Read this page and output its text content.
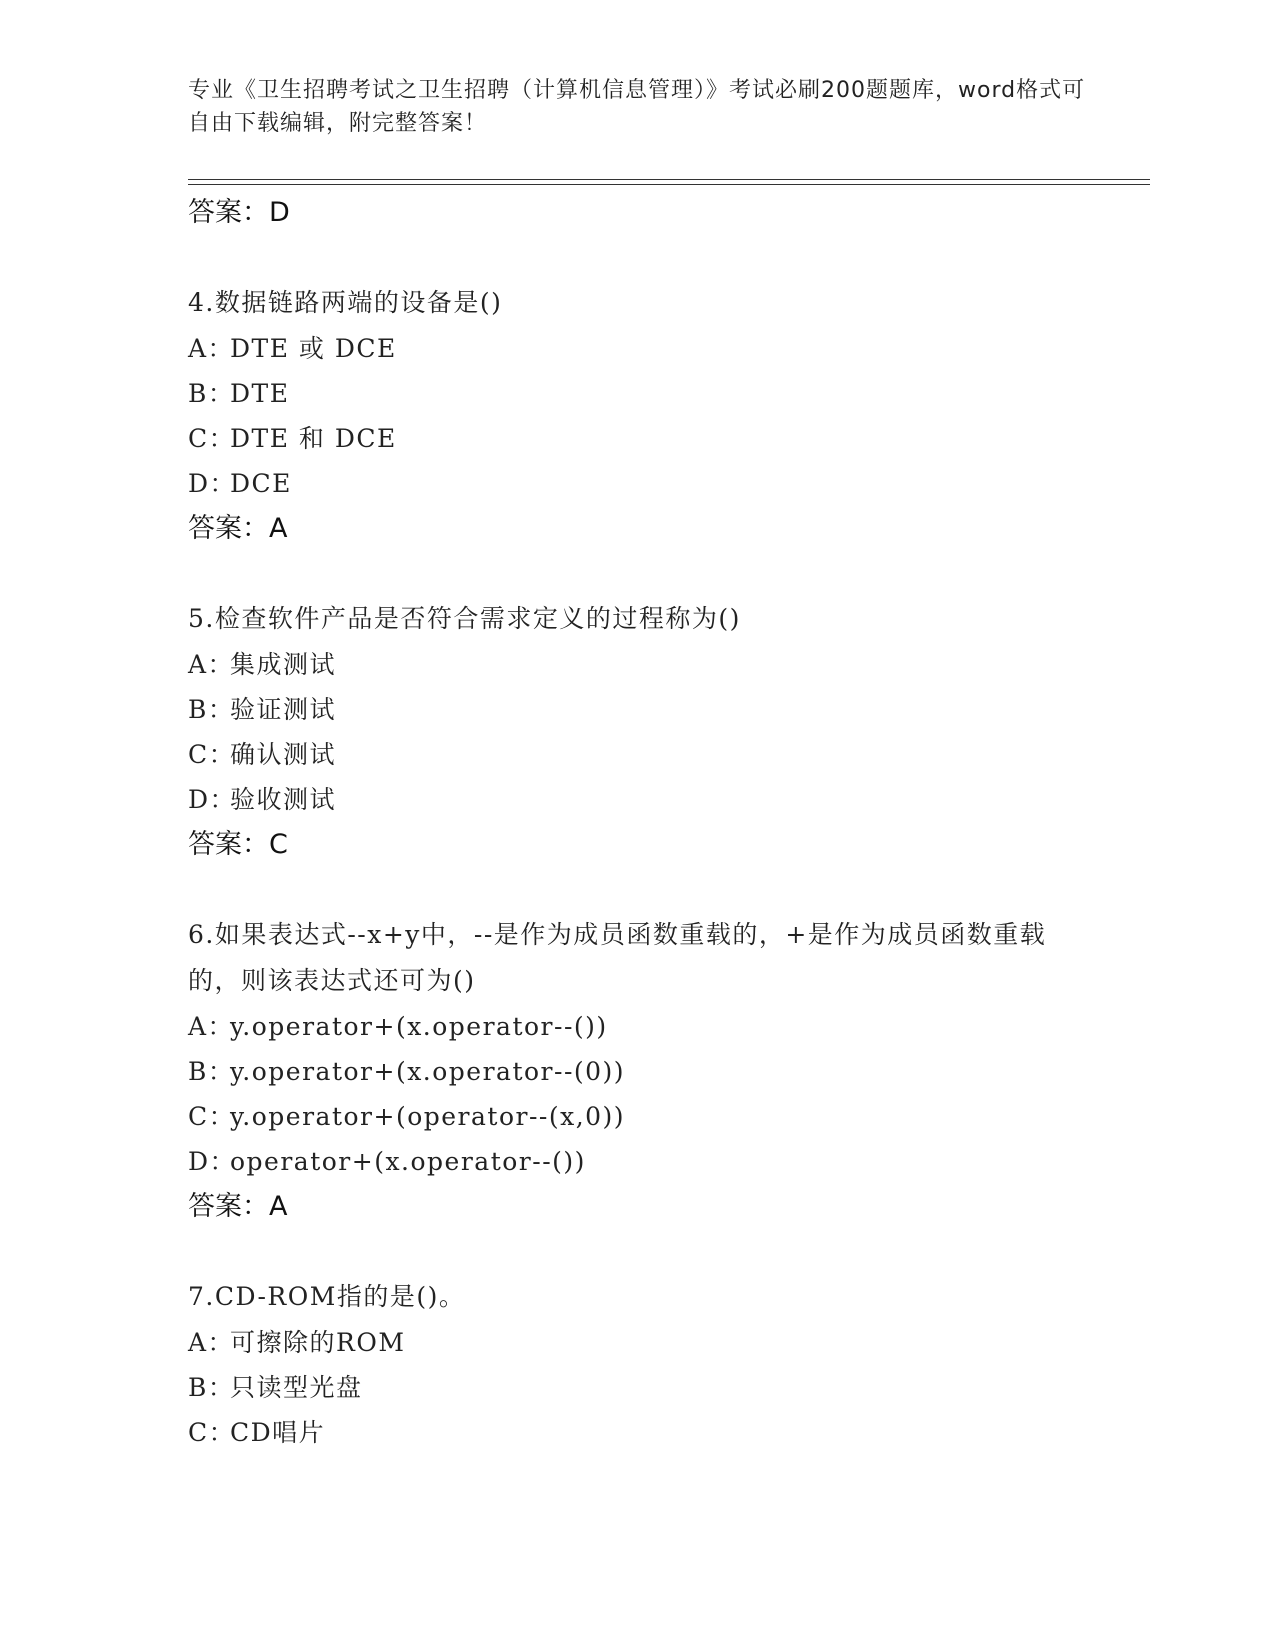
专业《卫生招聘考试之卫生招聘（计算机信息管理）》考试必刷200题题库，word格式可自由下载编辑，附完整答案！
答案：D
4.数据链路两端的设备是()
A：DTE 或 DCE
B：DTE
C：DTE 和 DCE
D：DCE
答案：A
5.检查软件产品是否符合需求定义的过程称为()
A：集成测试
B：验证测试
C：确认测试
D：验收测试
答案：C
6.如果表达式--x+y中，--是作为成员函数重载的，+是作为成员函数重载的，则该表达式还可为()
A：y.operator+(x.operator--())
B：y.operator+(x.operator--(0))
C：y.operator+(operator--(x,0))
D：operator+(x.operator--())
答案：A
7.CD-ROM指的是()。
A：可擦除的ROM
B：只读型光盘
C：CD唱片
